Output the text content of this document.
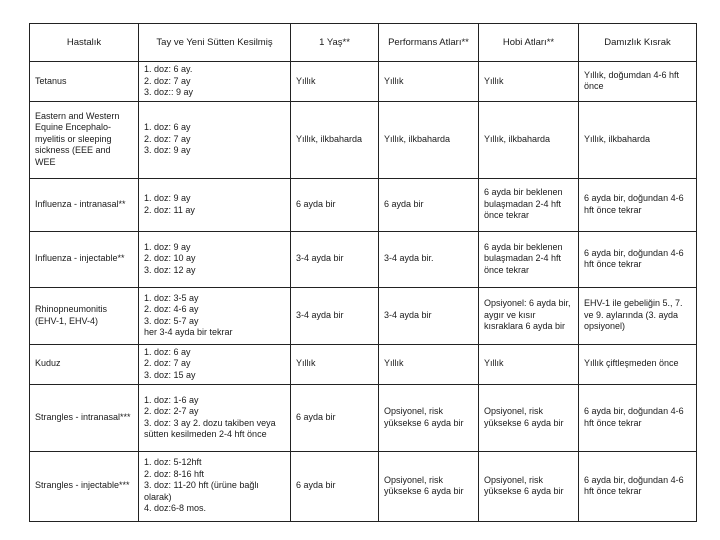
Hastalık	Tay ve Yeni Sütten Kesilmiş	1 Yaş**	Performans Atları**	Hobi Atları**	Damızlık Kısrak
Tetanus	1. doz: 6 ay.
2. doz: 7 ay
3. doz:: 9 ay	Yıllık	Yıllık	Yıllık	Yıllık, doğumdan 4-6 hft önce
Eastern and Western Equine Encephalo-myelitis or sleeping sickness (EEE and WEE	1. doz: 6 ay
2. doz: 7 ay
3. doz: 9 ay	Yıllık, ilkbaharda	Yıllık, ilkbaharda	Yıllık, ilkbaharda	Yıllık, ilkbaharda
Influenza - intranasal**	1. doz: 9 ay
2. doz: 11 ay	6 ayda bir	6 ayda bir	6 ayda bir beklenen bulaşmadan 2-4 hft önce tekrar	6 ayda bir, doğundan 4-6 hft önce tekrar
Influenza - injectable**	1. doz: 9 ay
2. doz: 10 ay
3. doz: 12 ay	3-4 ayda bir	3-4 ayda bir.	6 ayda bir beklenen bulaşmadan 2-4 hft önce tekrar	6 ayda bir, doğundan 4-6 hft önce tekrar
Rhinopneumonitis (EHV-1, EHV-4)	1. doz: 3-5 ay
2. doz: 4-6 ay
3. doz: 5-7 ay
her 3-4 ayda bir tekrar	3-4 ayda bir	3-4 ayda bir	Opsiyonel: 6 ayda bir, aygır ve kısır kısraklara 6 ayda bir	EHV-1 ile gebeliğin 5., 7. ve 9. aylarında (3. ayda opsiyonel)
Kuduz	1. doz: 6 ay
2. doz: 7 ay
3. doz: 15 ay	Yıllık	Yıllık	Yıllık	Yıllık çiftleşmeden önce
Strangles - intranasal***	1. doz: 1-6 ay
2. doz: 2-7 ay
3. doz: 3 ay 2. dozu takiben veya sütten kesilmeden 2-4 hft önce	6 ayda bir	Opsiyonel, risk yüksekse 6 ayda bir	Opsiyonel, risk yüksekse 6 ayda bir	6 ayda bir, doğundan 4-6 hft önce tekrar
Strangles - injectable***	1. doz: 5-12hft
2. doz: 8-16 hft
3. doz: 11-20 hft (ürüne bağlı olarak)
4. doz:6-8 mos.	6 ayda bir	Opsiyonel, risk yüksekse 6 ayda bir	Opsiyonel, risk yüksekse 6 ayda bir	6 ayda bir, doğundan 4-6 hft önce tekrar
